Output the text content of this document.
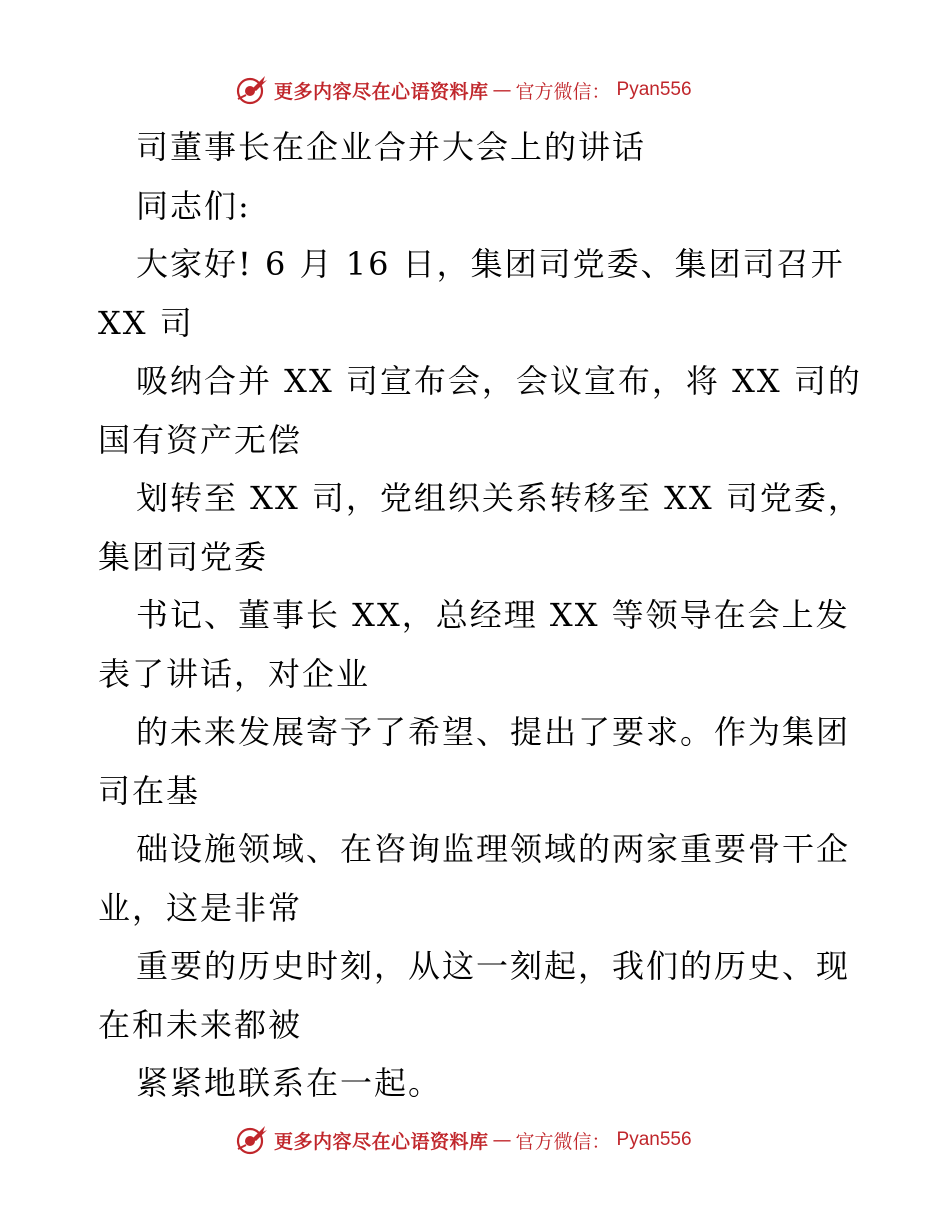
更多内容尽在心语资料库 — 官方微信： Pyan556
司董事长在企业合并大会上的讲话
同志们:
大家好! 6 月 16 日，集团司党委、集团司召开
XX 司
吸纳合并 XX 司宣布会，会议宣布，将 XX 司的
国有资产无偿
划转至 XX 司，党组织关系转移至 XX 司党委，
集团司党委
书记、董事长 XX，总经理 XX 等领导在会上发
表了讲话，对企业
的未来发展寄予了希望、提出了要求。作为集团
司在基
础设施领域、在咨询监理领域的两家重要骨干企
业，这是非常
重要的历史时刻，从这一刻起，我们的历史、现
在和未来都被
紧紧地联系在一起。
更多内容尽在心语资料库 — 官方微信： Pyan556
